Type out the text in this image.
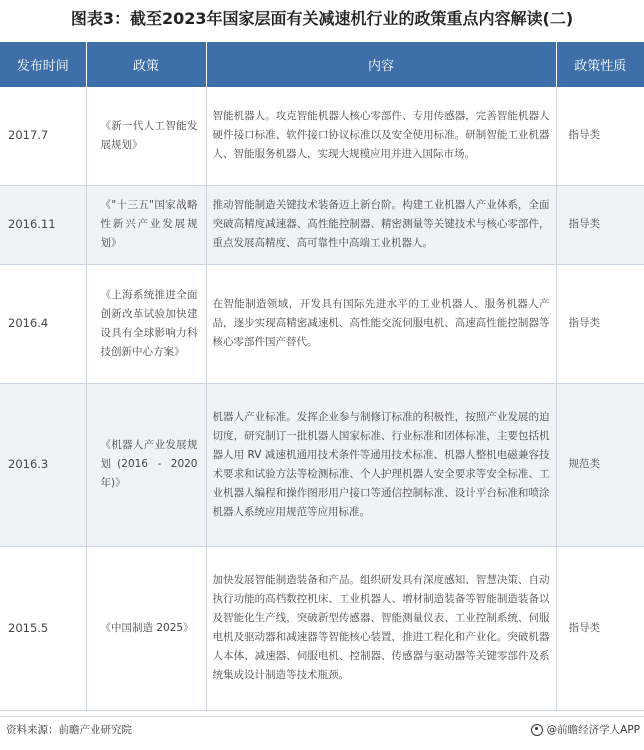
图表3：截至2023年国家层面有关减速机行业的政策重点内容解读(二)
发布时间	政策	内容	政策性质
2017.7	《新一代人工智能发展规划》	智能机器人。攻克智能机器人核心零部件、专用传感器，完善智能机器人硬件接口标准、软件接口协议标准以及安全使用标准。研制智能工业机器人、智能服务机器人，实现大规模应用并进入国际市场。	指导类
2016.11	《"十三五"国家战略性新兴产业发展规划》	推动智能制造关键技术装备迈上新台阶。构建工业机器人产业体系，全面突破高精度减速器、高性能控制器、精密测量等关键技术与核心零部件，重点发展高精度、高可靠性中高端工业机器人。	指导类
2016.4	《上海系统推进全面创新改革试验加快建设具有全球影响力科技创新中心方案》	在智能制造领域，开发具有国际先进水平的工业机器人、服务机器人产品，逐步实现高精密减速机、高性能交流伺服电机、高速高性能控制器等核心零部件国产替代。	指导类
2016.3	《机器人产业发展规划(2016 - 2020年)》	机器人产业标准。发挥企业参与制修订标准的积极性，按照产业发展的迫切度，研究制订一批机器人国家标准、行业标准和团体标准，主要包括机器人用 RV 减速机通用技术条件等通用技术标准、机器人整机电磁兼容技术要求和试验方法等检测标准、个人护理机器人安全要求等安全标准、工业机器人编程和操作图形用户接口等通信控制标准、设计平台标准和喷涂机器人系统应用规范等应用标准。	规范类
2015.5	《中国制造 2025》	加快发展智能制造装备和产品。组织研发具有深度感知、智慧决策、自动执行功能的高档数控机床、工业机器人、增材制造装备等智能制造装备以及智能化生产线，突破新型传感器、智能测量仪表、工业控制系统、伺服电机及驱动器和减速器等智能核心装置，推进工程化和产业化。突破机器人本体、减速器、伺服电机、控制器、传感器与驱动器等关键零部件及系统集成设计制造等技术瓶颈。	指导类
资料来源：前瞻产业研究院	@前瞻经济学人APP
